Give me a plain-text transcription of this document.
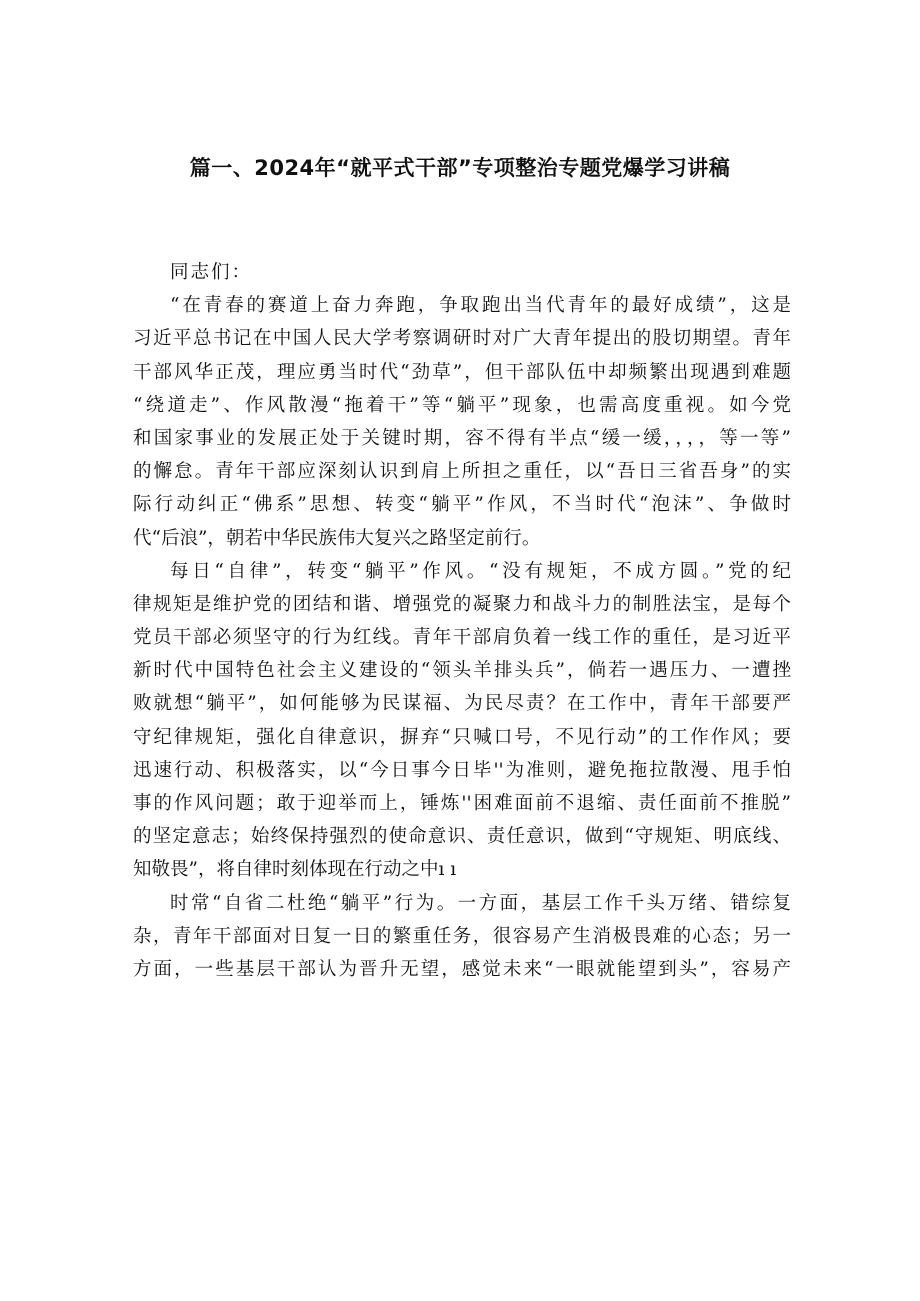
篇一、2024年“就平式干部”专项整治专题党爆学习讲稿

同志们：

“在青春的赛道上奋力奔跑，争取跑出当代青年的最好成绩”，这是
习近平总书记在中国人民大学考察调研时对广大青年提出的股切期望。青年
干部风华正茂，理应勇当时代“劲草”，但干部队伍中却频繁出现遇到难题
“绕道走”、作风散漫“拖着干”等“躺平”现象，也需高度重视。如今党
和国家事业的发展正处于关键时期，容不得有半点“缓一缓，，，，等一等”
的懈怠。青年干部应深刻认识到肩上所担之重任，以“吾日三省吾身”的实
际行动纠正“佛系”思想、转变“躺平”作风，不当时代“泡沫”、争做时
代“后浪”，朝若中华民族伟大复兴之路坚定前行。
每日“自律”，转变“躺平”作风。“没有规矩，不成方圆。”党的纪
律规矩是维护党的团结和谐、增强党的凝聚力和战斗力的制胜法宝，是每个
党员干部必须坚守的行为红线。青年干部肩负着一线工作的重任，是习近平
新时代中国特色社会主义建设的“领头羊排头兵”，倘若一遇压力、一遭挫
败就想“躺平”，如何能够为民谋福、为民尽责？在工作中，青年干部要严
守纪律规矩，强化自律意识，摒弃“只喊口号，不见行动”的工作作风；要
迅速行动、积极落实，以“今日事今日毕''为准则，避免拖拉散漫、甩手怕
事的作风问题；敢于迎举而上，锤炼''困难面前不退缩、责任面前不推脱”
的坚定意志；始终保持强烈的使命意识、责任意识，做到“守规矩、明底线、
知敬畏”，将自律时刻体现在行动之中ı ı
时常“自省二杜绝“躺平”行为。一方面，基层工作千头万绪、错综复
杂，青年干部面对日复一日的繁重任务，很容易产生消极畏难的心态；另一
方面，一些基层干部认为晋升无望，感觉未来“一眼就能望到头”，容易产
